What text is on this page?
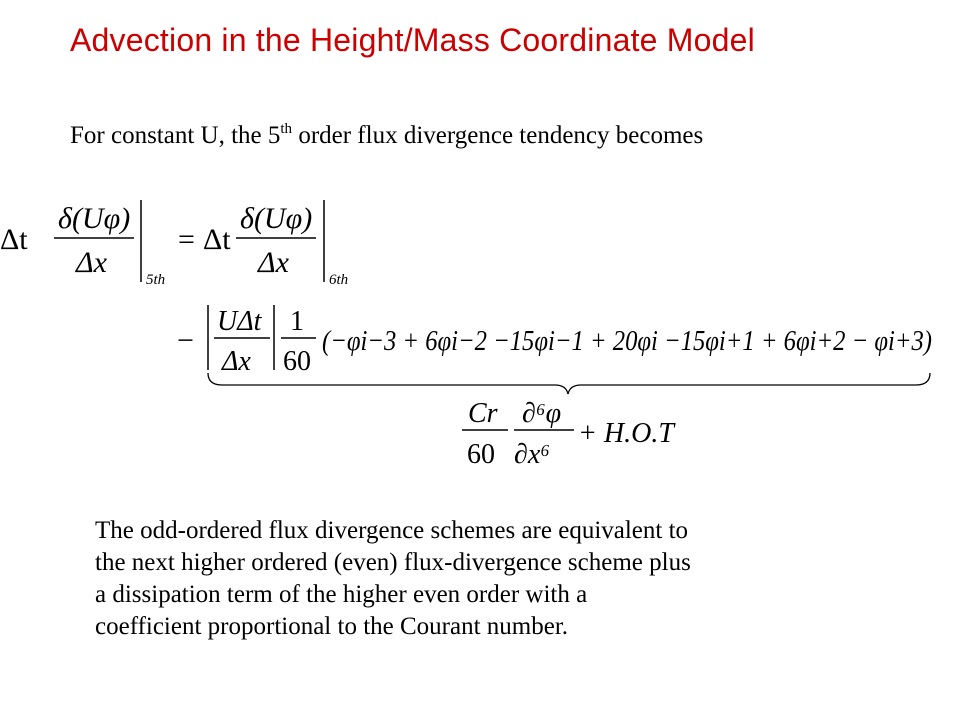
Advection in the Height/Mass Coordinate Model
For constant U, the 5th order flux divergence tendency becomes
Δt
δ(Uφ)
Δx
5th
= Δt
δ(Uφ)
Δx
6th
−
UΔt
Δx
1
60
(−φi−3 + 6φi−2 −15φi−1 + 20φi −15φi+1 + 6φi+2 − φi+3)
Cr
60
∂⁶φ
∂x⁶
+ H.O.T
The odd-ordered flux divergence schemes are equivalent to
the next higher ordered (even) flux-divergence scheme plus
a dissipation term of the higher even order with a
coefficient proportional to the Courant number.
